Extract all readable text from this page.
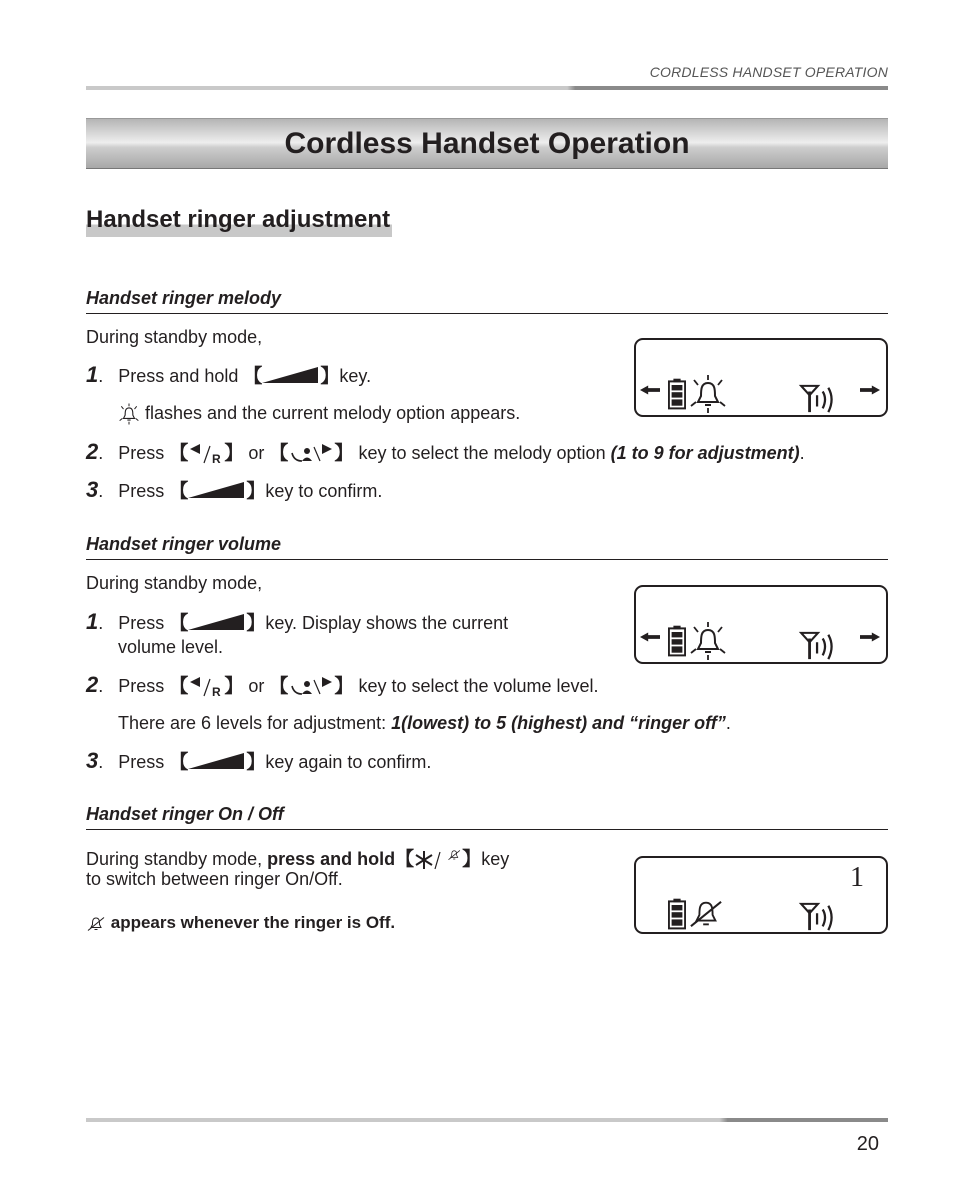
CORDLESS HANDSET OPERATION
Cordless Handset Operation
Handset ringer adjustment
Handset ringer melody
During standby mode,
1. Press and hold 【	】key.
flashes and the current melody option appears.
2. Press 【 R 】 or 【 】 key to select the melody option (1 to 9 for adjustment).
3. Press 【	】key to confirm.
Handset ringer volume
During standby mode,
1. Press 【	】key. Display shows the current
volume level.
2. Press 【 R 】 or 【 】 key to select the volume level.
There are 6 levels for adjustment: 1(lowest) to 5 (highest) and “ringer off”.
3. Press 【	】key again to confirm.
Handset ringer On / Off
During standby mode, press and hold【	】key
to switch between ringer On/Off.
appears whenever the ringer is Off.
1
20
